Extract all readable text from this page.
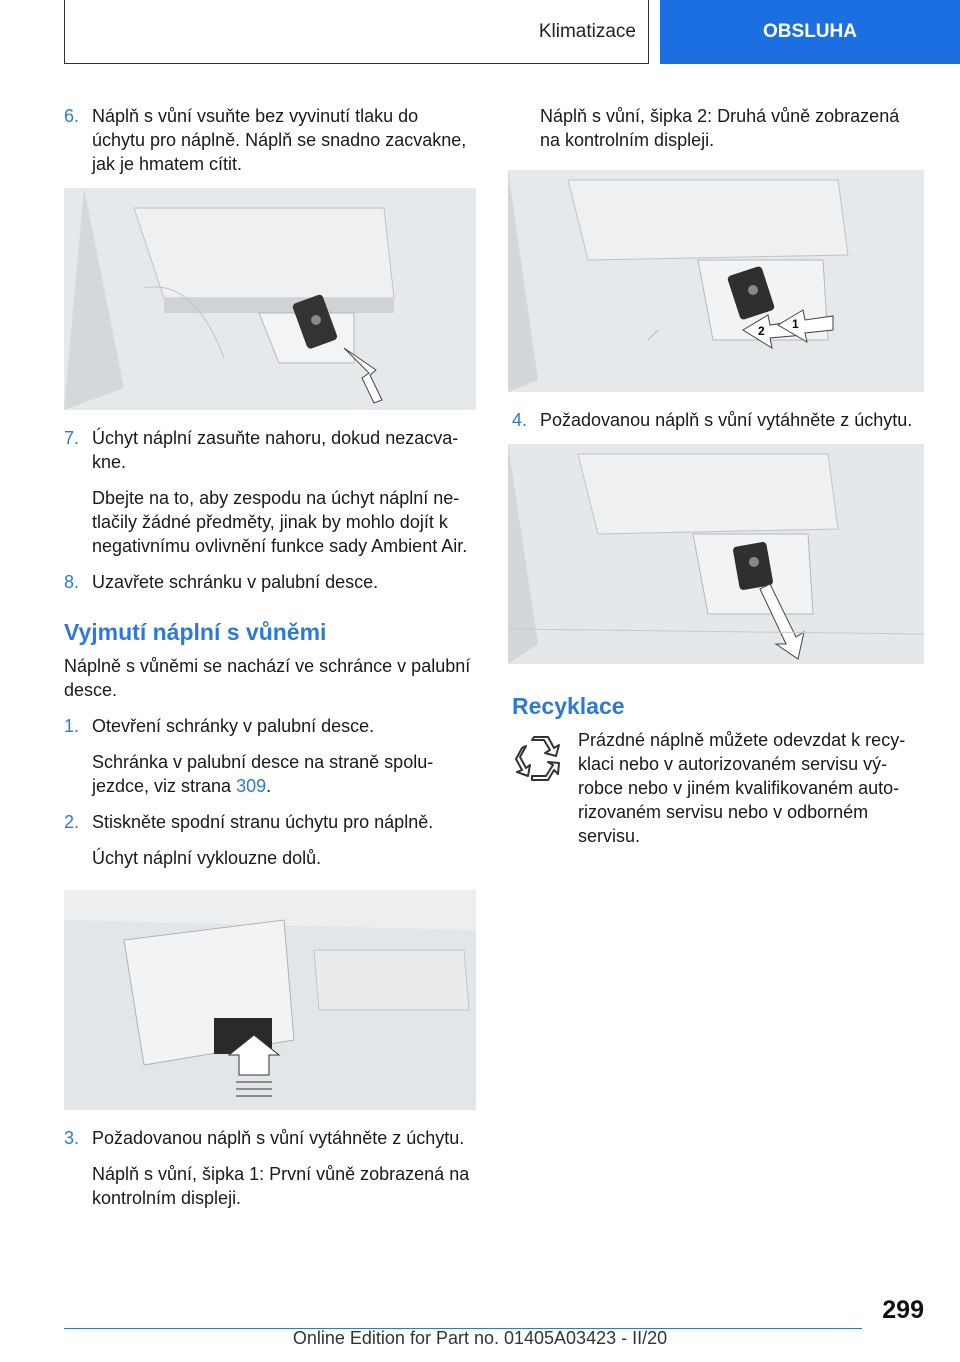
Klimatizace	OBSLUHA
6. Náplň s vůní vsuňte bez vyvinutí tlaku do úchytu pro náplně. Náplň se snadno zacvakne, jak je hmatem cítit.
7. Úchyt náplní zasuňte nahoru, dokud nezacvakne.
Dbejte na to, aby zespodu na úchyt náplní netlačily žádné předměty, jinak by mohlo dojít k negativnímu ovlivnění funkce sady Ambient Air.
8. Uzavřete schránku v palubní desce.
Vyjmutí náplní s vůněmi
Náplně s vůněmi se nachází ve schránce v palubní desce.
1. Otevření schránky v palubní desce.
Schránka v palubní desce na straně spolujezdce, viz strana 309.
2. Stiskněte spodní stranu úchytu pro náplně.
Úchyt náplní vyklouzne dolů.
3. Požadovanou náplň s vůní vytáhněte z úchytu.
Náplň s vůní, šipka 1: První vůně zobrazená na kontrolním displeji.
Náplň s vůní, šipka 2: Druhá vůně zobrazená na kontrolním displeji.
2 1
4. Požadovanou náplň s vůní vytáhněte z úchytu.
Recyklace

Prázdné náplně můžete odevzdat k recyklaci nebo v autorizovaném servisu výrobce nebo v jiném kvalifikovaném autorizovaném servisu nebo v odborném servisu.

299
Online Edition for Part no. 01405A03423 - II/20
